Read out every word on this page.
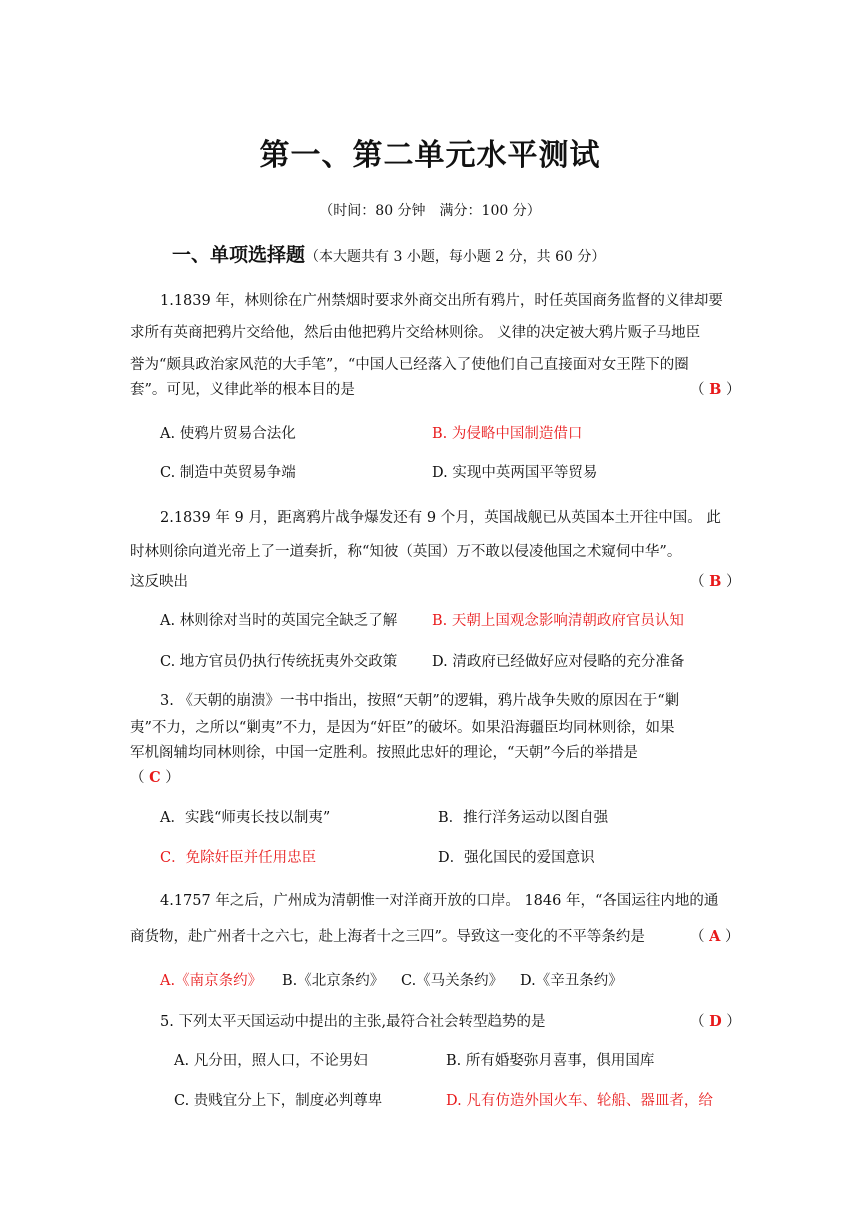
第一、第二单元水平测试
（时间：80 分钟　满分：100 分）
一、单项选择题（本大题共有 3 小题，每小题 2 分，共 60 分）
1.1839 年，林则徐在广州禁烟时要求外商交出所有鸦片，时任英国商务监督的义律却要
求所有英商把鸦片交给他，然后由他把鸦片交给林则徐。 义律的决定被大鸦片贩子马地臣
誉为“颇具政治家风范的大手笔”，“中国人已经落入了使他们自己直接面对女王陛下的圈
套”。可见，义律此举的根本目的是	（ B ）
A. 使鸦片贸易合法化	B. 为侵略中国制造借口
C. 制造中英贸易争端	D. 实现中英两国平等贸易
2.1839 年 9 月，距离鸦片战争爆发还有 9 个月，英国战舰已从英国本土开往中国。 此
时林则徐向道光帝上了一道奏折，称“知彼（英国）万不敢以侵凌他国之术窥伺中华”。
这反映出	（ B ）
A. 林则徐对当时的英国完全缺乏了解 B. 天朝上国观念影响清朝政府官员认知
C. 地方官员仍执行传统抚夷外交政策 D. 清政府已经做好应对侵略的充分准备
3. 《天朝的崩溃》一书中指出，按照“天朝”的逻辑，鸦片战争失败的原因在于“剿
夷”不力，之所以“剿夷”不力，是因为“奸臣”的破坏。如果沿海疆臣均同林则徐，如果
军机阁辅均同林则徐，中国一定胜利。按照此忠奸的理论，“天朝”今后的举措是
（ C ）
A．实践“师夷长技以制夷”	B．推行洋务运动以图自强
C．免除奸臣并任用忠臣	D．强化国民的爱国意识
4.1757 年之后，广州成为清朝惟一对洋商开放的口岸。 1846 年，“各国运往内地的通
商货物，赴广州者十之六七，赴上海者十之三四”。导致这一变化的不平等条约是	（ A ）
A.《南京条约》 B.《北京条约》 C.《马关条约》 D.《辛丑条约》
5. 下列太平天国运动中提出的主张,最符合社会转型趋势的是	（ D ）
A. 凡分田，照人口，不论男妇	B. 所有婚娶弥月喜事，俱用国库
C. 贵贱宜分上下，制度必判尊卑	D. 凡有仿造外国火车、轮船、器皿者，给
